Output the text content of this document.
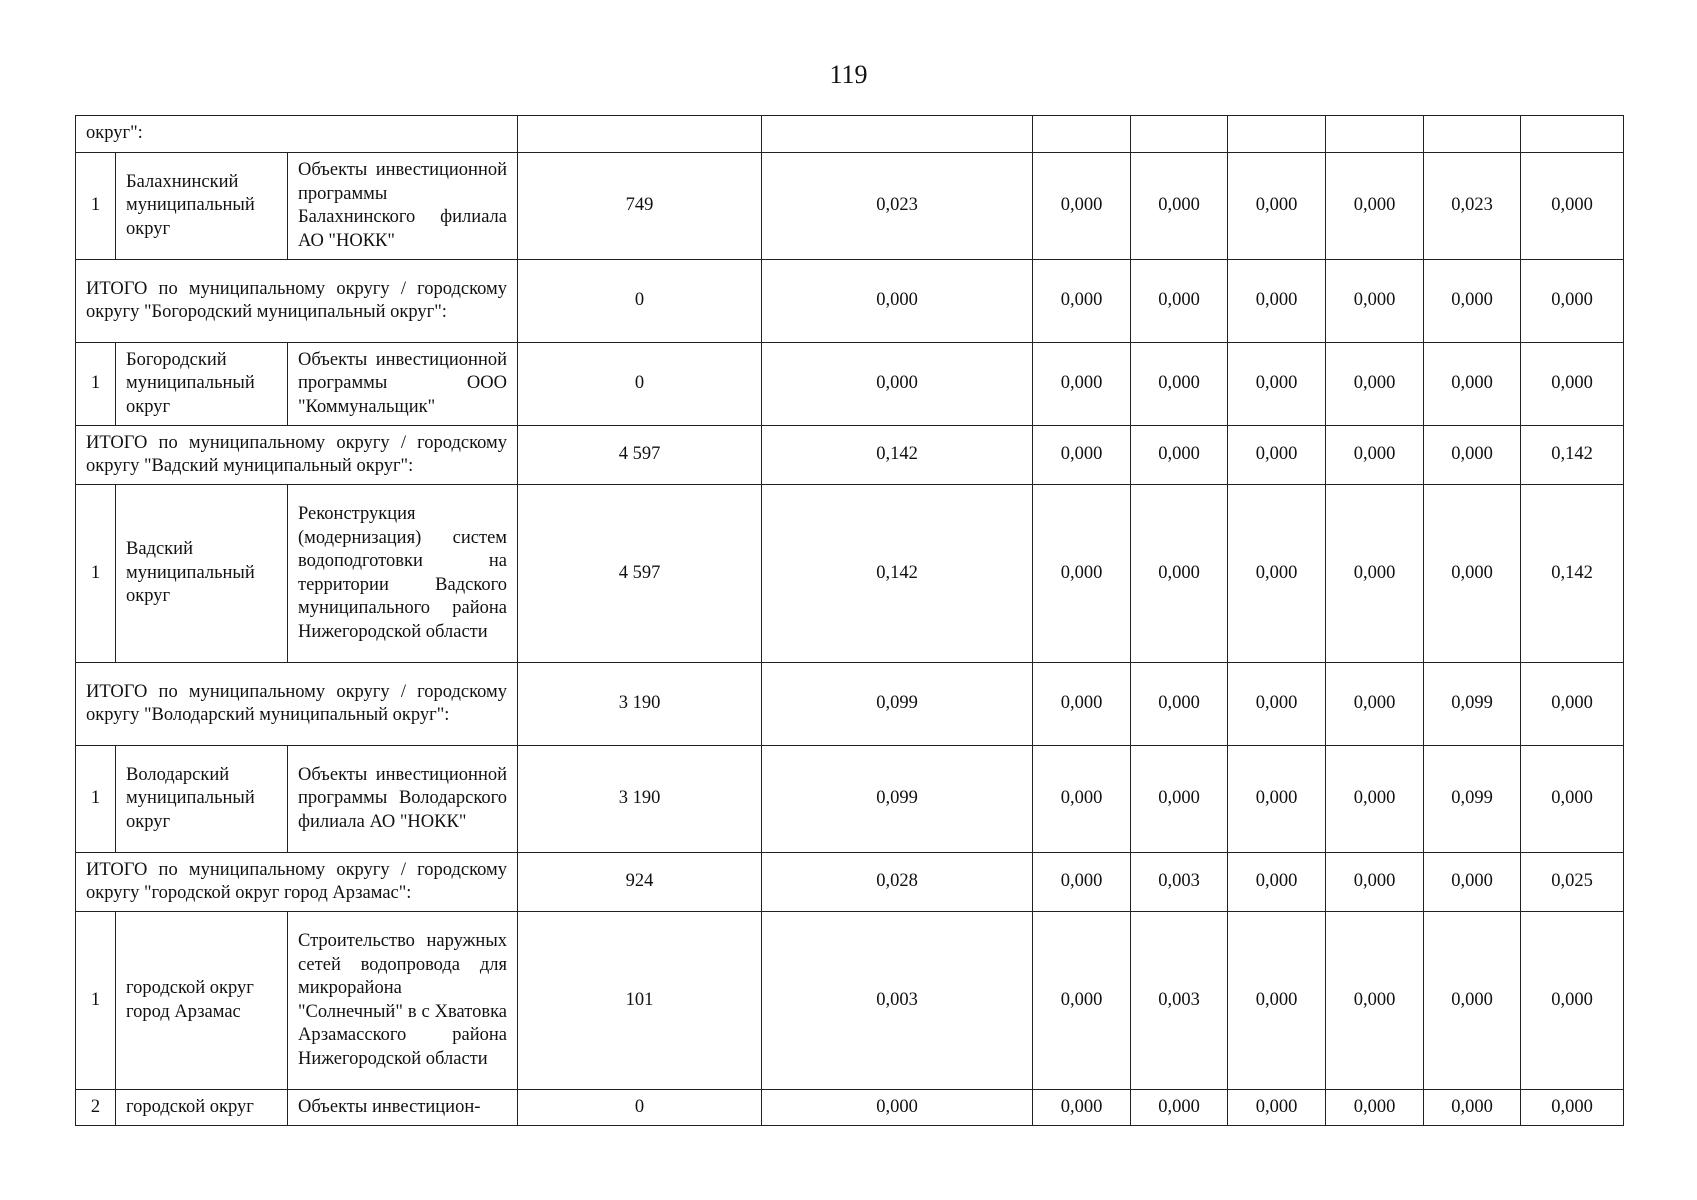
119
округ":										
1	Балахнинский муниципальный округ	Объекты инвестиционной программы Балахнинского филиала АО "НОКК"	749	0,023	0,000	0,000	0,000	0,000	0,023	0,000
ИТОГО по муниципальному округу / городскому округу "Богородский муниципальный округ":			0	0,000	0,000	0,000	0,000	0,000	0,000	0,000
1	Богородский муниципальный округ	Объекты инвестиционной программы ООО "Коммунальщик"	0	0,000	0,000	0,000	0,000	0,000	0,000	0,000
ИТОГО по муниципальному округу / городскому округу "Вадский муниципальный округ":			4 597	0,142	0,000	0,000	0,000	0,000	0,000	0,142
1	Вадский муниципальный округ	Реконструкция (модернизация) систем водоподготовки на территории Вадского муниципального района Нижегородской области	4 597	0,142	0,000	0,000	0,000	0,000	0,000	0,142
ИТОГО по муниципальному округу / городскому округу "Володарский муниципальный округ":			3 190	0,099	0,000	0,000	0,000	0,000	0,099	0,000
1	Володарский муниципальный округ	Объекты инвестиционной программы Володарского филиала АО "НОКК"	3 190	0,099	0,000	0,000	0,000	0,000	0,099	0,000
ИТОГО по муниципальному округу / городскому округу "городской округ город Арзамас":			924	0,028	0,000	0,003	0,000	0,000	0,000	0,025
1	городской округ город Арзамас	Строительство наружных сетей водопровода для микрорайона "Солнечный" в с Хватовка Арзамасского района Нижегородской области	101	0,003	0,000	0,003	0,000	0,000	0,000	0,000
2	городской округ	Объекты инвестицион-	0	0,000	0,000	0,000	0,000	0,000	0,000	0,000
